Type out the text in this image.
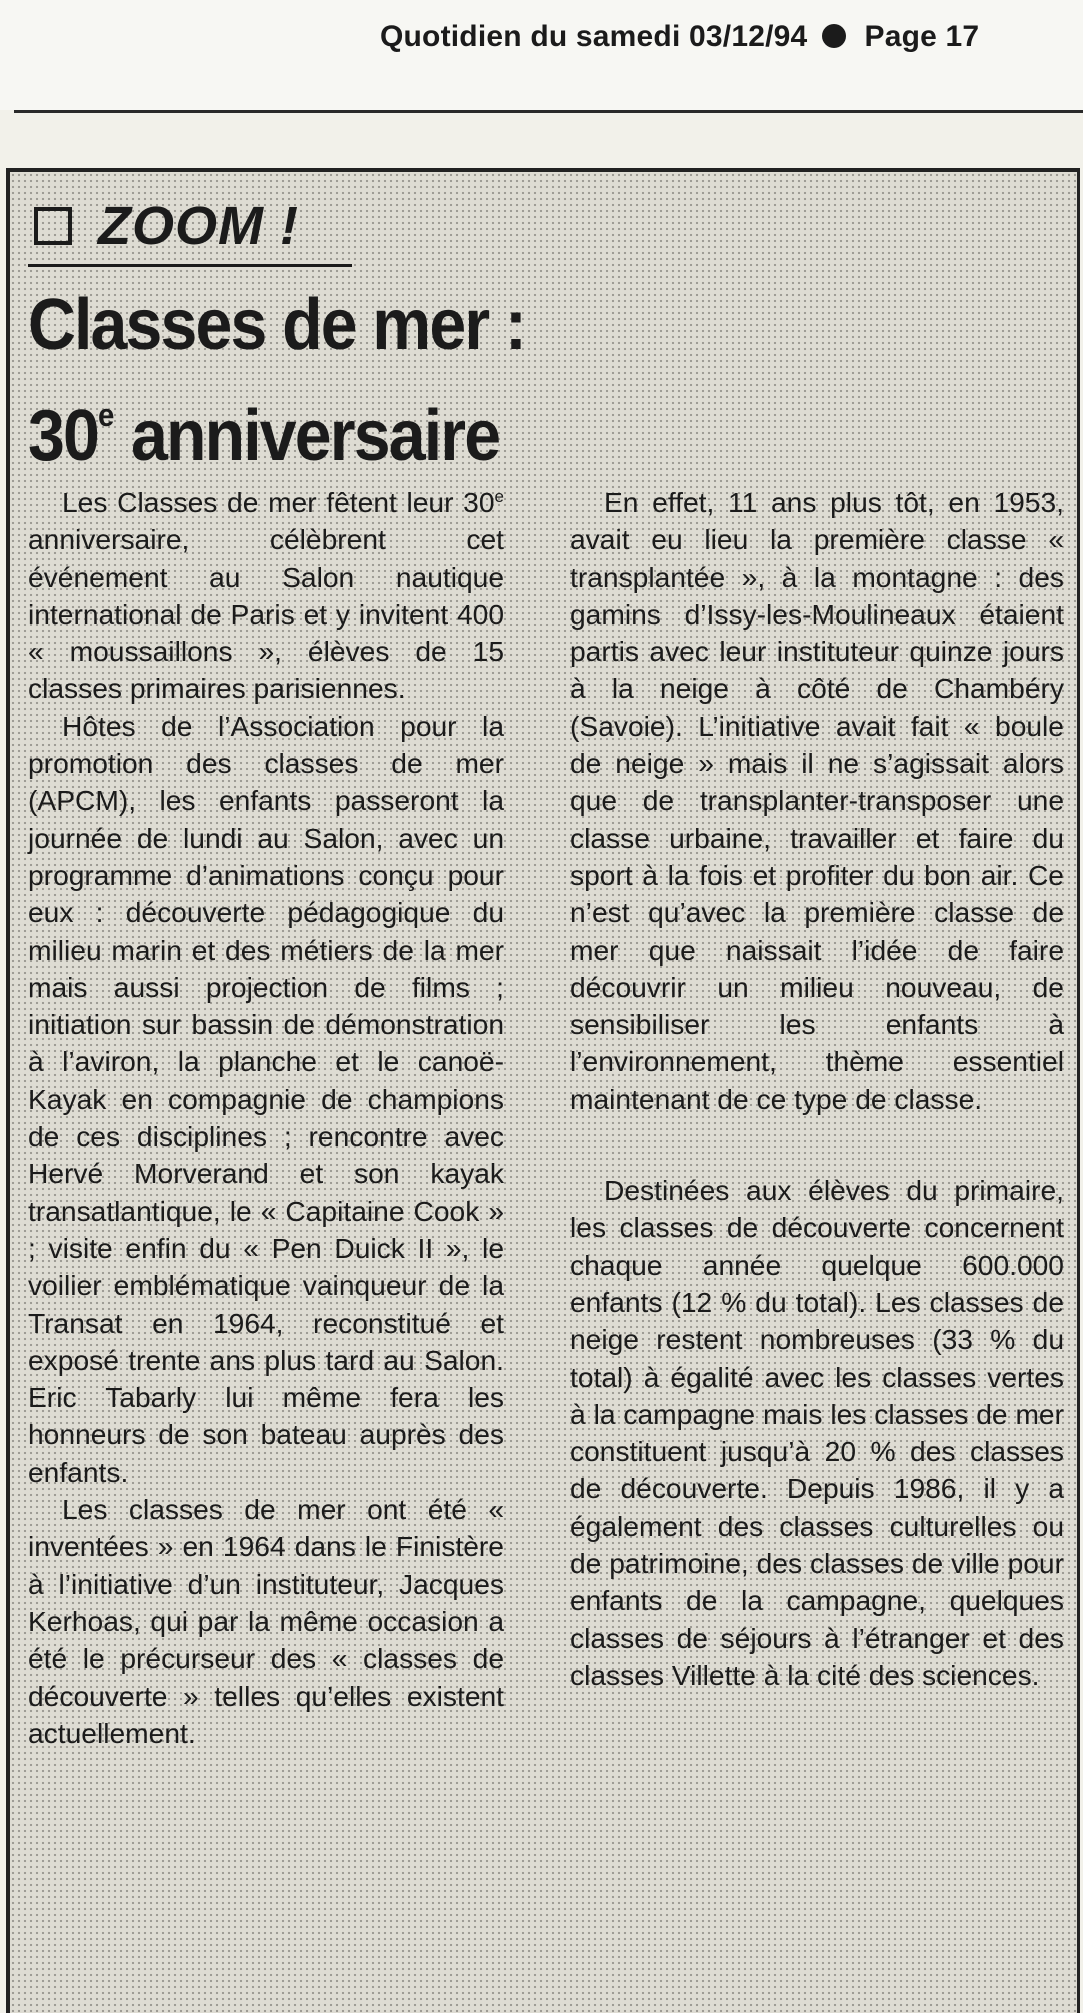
Quotidien du samedi 03/12/94 Page 17
ZOOM !
Classes de mer :
30e anniversaire

Les Classes de mer fêtent leur 30e anniversaire, célèbrent cet événement au Salon nautique international de Paris et y invitent 400 « moussaillons », élèves de 15 classes primaires parisiennes.

Hôtes de l’Association pour la promotion des classes de mer (APCM), les enfants passeront la journée de lundi au Salon, avec un programme d’animations conçu pour eux : découverte pédagogique du milieu marin et des métiers de la mer mais aussi projection de films ; initiation sur bassin de démonstration à l’aviron, la planche et le canoë-Kayak en compagnie de champions de ces disciplines ; rencontre avec Hervé Morverand et son kayak transatlantique, le « Capitaine Cook » ; visite enfin du « Pen Duick II », le voilier emblématique vainqueur de la Transat en 1964, reconstitué et exposé trente ans plus tard au Salon. Eric Tabarly lui même fera les honneurs de son bateau auprès des enfants.

Les classes de mer ont été « inventées » en 1964 dans le Finistère à l’initiative d’un instituteur, Jacques Kerhoas, qui par la même occasion a été le précurseur des « classes de découverte » telles qu’elles existent actuellement.

En effet, 11 ans plus tôt, en 1953, avait eu lieu la première classe « transplantée », à la montagne : des gamins d’Issy-les-Moulineaux étaient partis avec leur instituteur quinze jours à la neige à côté de Chambéry (Savoie). L’initiative avait fait « boule de neige » mais il ne s’agissait alors que de transplanter-transposer une classe urbaine, travailler et faire du sport à la fois et profiter du bon air. Ce n’est qu’avec la première classe de mer que naissait l’idée de faire découvrir un milieu nouveau, de sensibiliser les enfants à l’environnement, thème essentiel maintenant de ce type de classe.

Destinées aux élèves du primaire, les classes de découverte concernent chaque année quelque 600.000 enfants (12 % du total). Les classes de neige restent nombreuses (33 % du total) à égalité avec les classes vertes à la campagne mais les classes de mer constituent jusqu’à 20 % des classes de découverte. Depuis 1986, il y a également des classes culturelles ou de patrimoine, des classes de ville pour enfants de la campagne, quelques classes de séjours à l’étranger et des classes Villette à la cité des sciences.
